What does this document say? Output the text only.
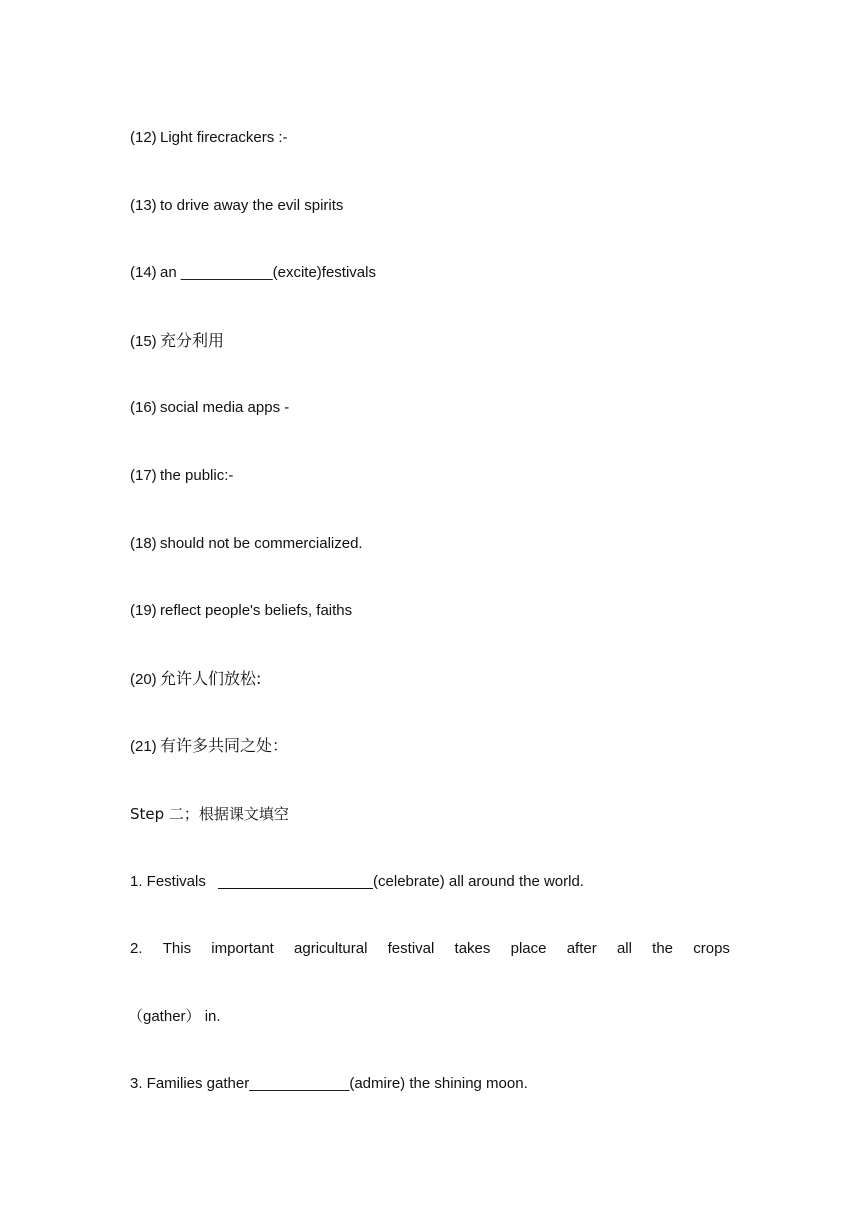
(12) Light firecrackers :-
(13) to drive away the evil spirits
(14) an ___________(excite)festivals
(15) 充分利用
(16) social media apps -
(17) the public:-
(18) should not be commercialized.
(19) reflect people's beliefs, faiths
(20) 允许人们放松:
(21) 有许多共同之处：
Step 二；根据课文填空
1. Festivals	(celebrate) all around the world.
2. This important agricultural festival takes place after all the crops
（gather） in.
3. Families gather____________(admire) the shining moon.
